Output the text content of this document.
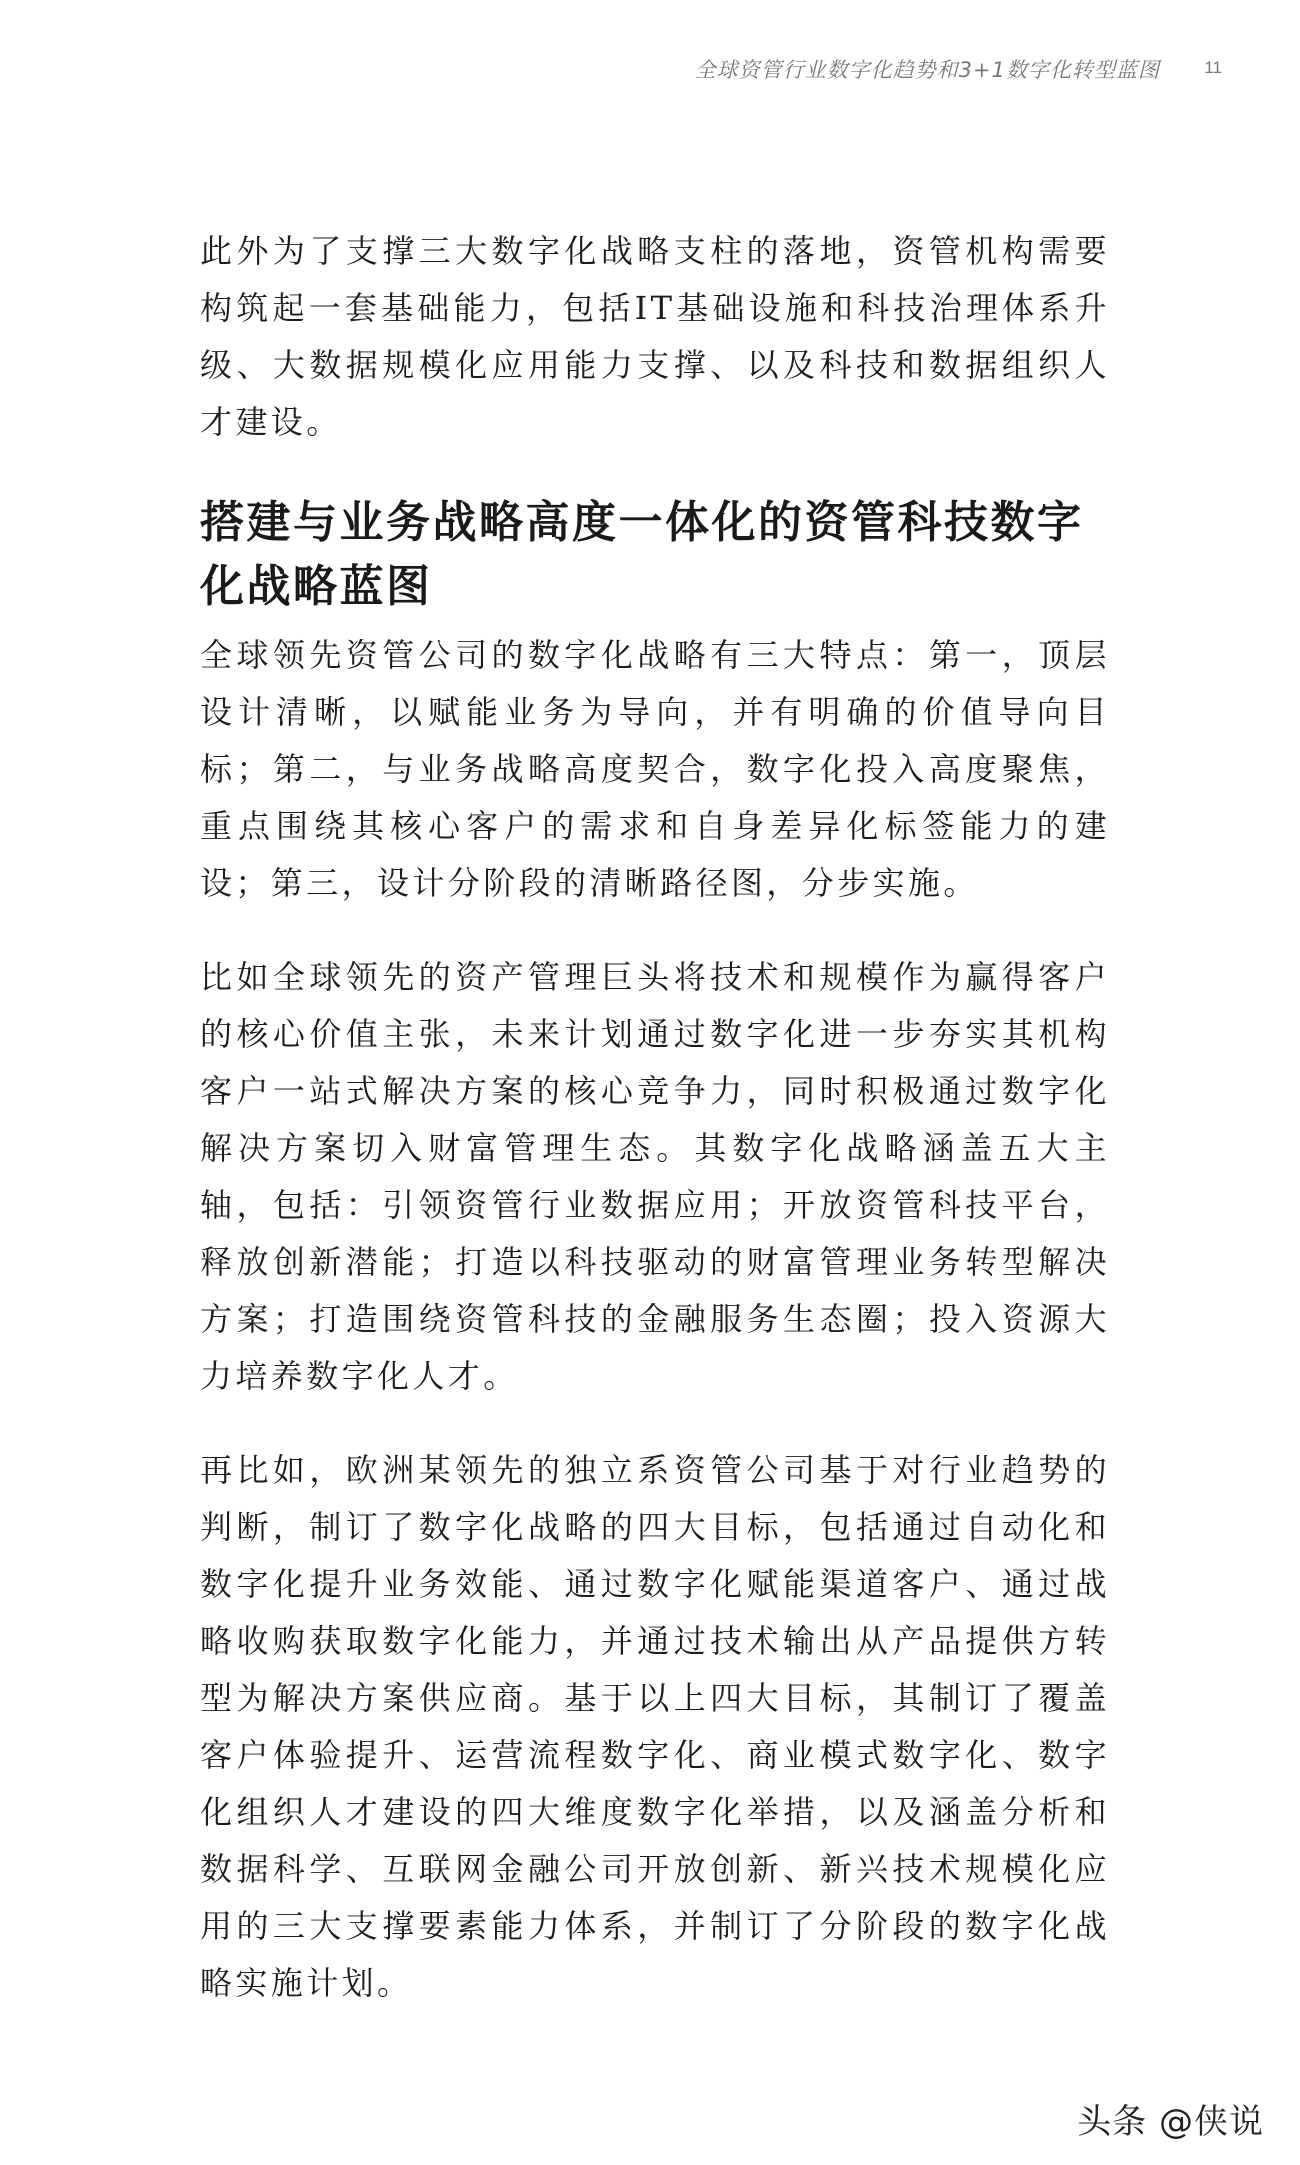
全球资管行业数字化趋势和3+1数字化转型蓝图	11

此外为了支撑三大数字化战略支柱的落地，资管机构需要构筑起一套基础能力，包括IT基础设施和科技治理体系升级、大数据规模化应用能力支撑、以及科技和数据组织人才建设。

搭建与业务战略高度一体化的资管科技数字化战略蓝图

全球领先资管公司的数字化战略有三大特点：第一，顶层设计清晰，以赋能业务为导向，并有明确的价值导向目标；第二，与业务战略高度契合，数字化投入高度聚焦，重点围绕其核心客户的需求和自身差异化标签能力的建设；第三，设计分阶段的清晰路径图，分步实施。

比如全球领先的资产管理巨头将技术和规模作为赢得客户的核心价值主张，未来计划通过数字化进一步夯实其机构客户一站式解决方案的核心竞争力，同时积极通过数字化解决方案切入财富管理生态。其数字化战略涵盖五大主轴，包括：引领资管行业数据应用；开放资管科技平台，释放创新潜能；打造以科技驱动的财富管理业务转型解决方案；打造围绕资管科技的金融服务生态圈；投入资源大力培养数字化人才。

再比如，欧洲某领先的独立系资管公司基于对行业趋势的判断，制订了数字化战略的四大目标，包括通过自动化和数字化提升业务效能、通过数字化赋能渠道客户、通过战略收购获取数字化能力，并通过技术输出从产品提供方转型为解决方案供应商。基于以上四大目标，其制订了覆盖客户体验提升、运营流程数字化、商业模式数字化、数字化组织人才建设的四大维度数字化举措，以及涵盖分析和数据科学、互联网金融公司开放创新、新兴技术规模化应用的三大支撑要素能力体系，并制订了分阶段的数字化战略实施计划。

头条 @侠说
